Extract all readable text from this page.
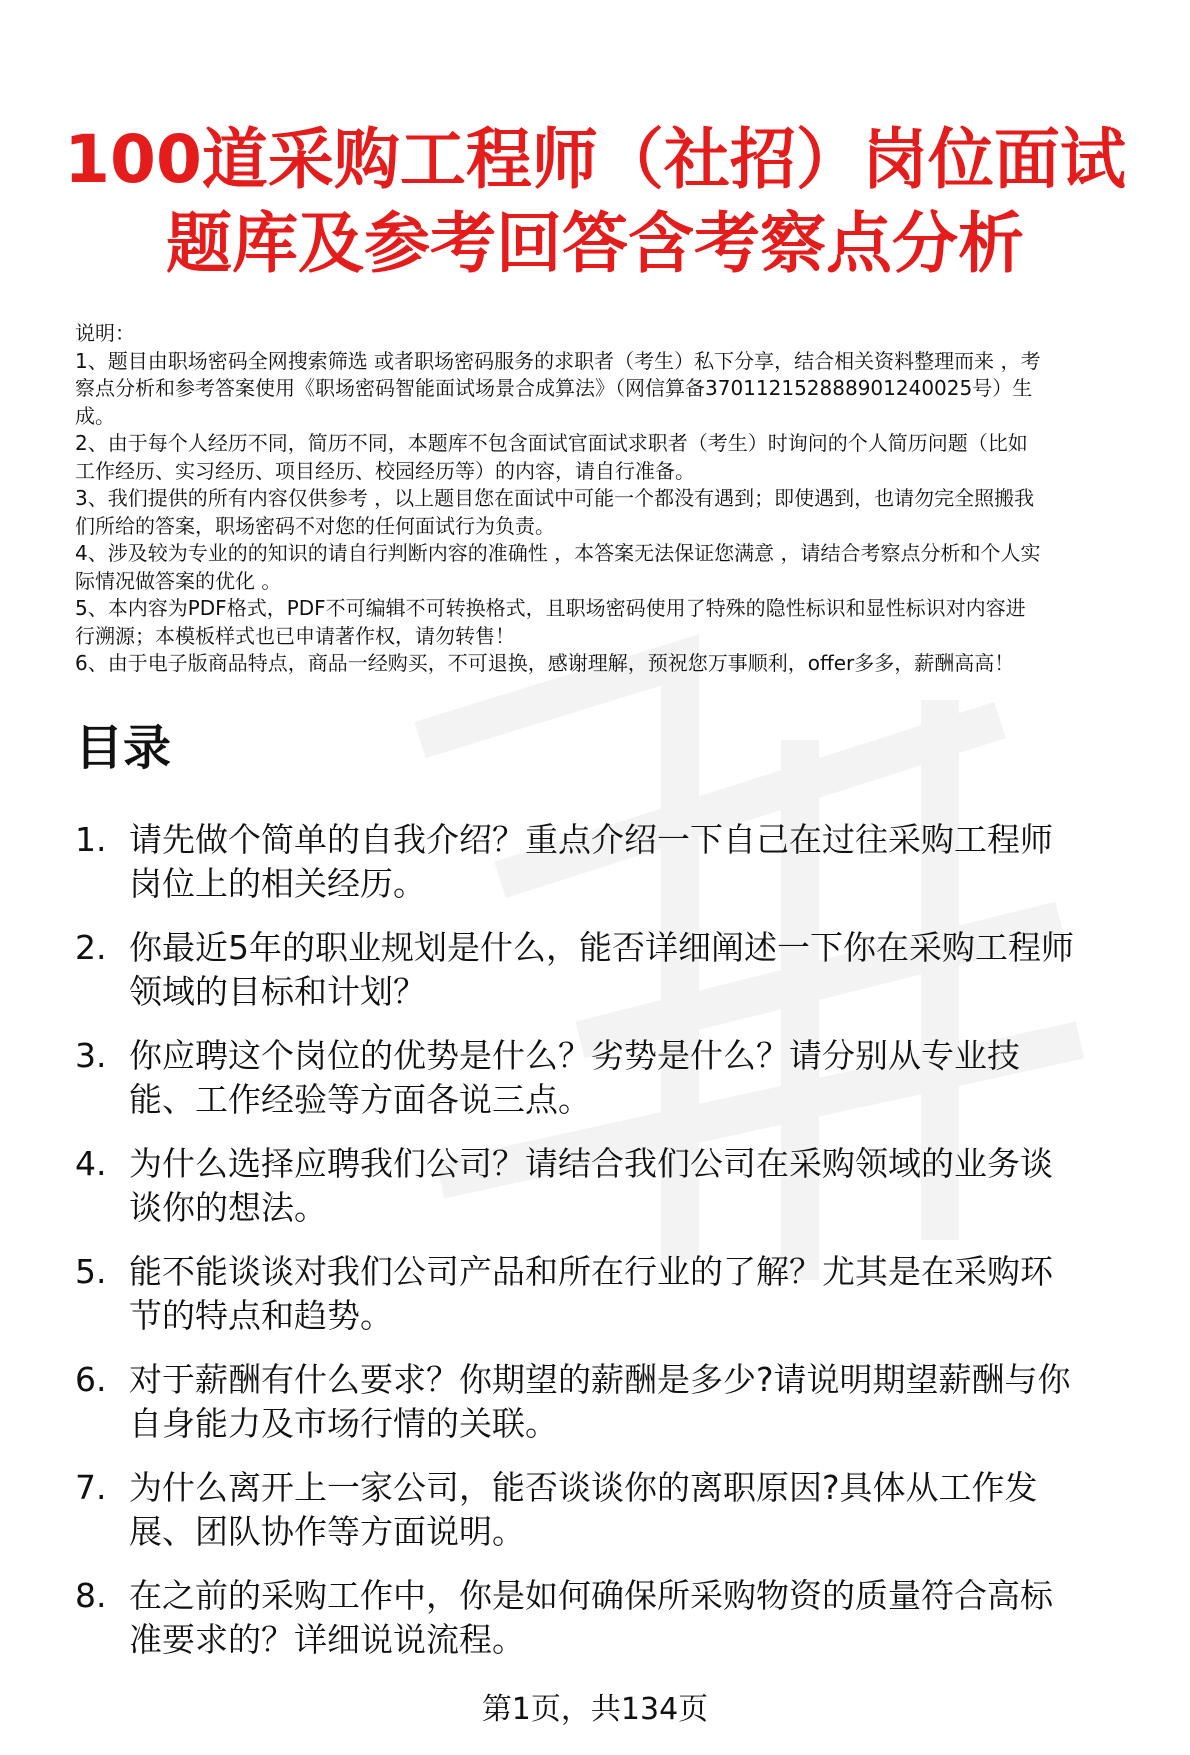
100道采购工程师（社招）岗位面试
题库及参考回答含考察点分析
说明：
1、题目由职场密码全网搜索筛选 或者职场密码服务的求职者（考生）私下分享，结合相关资料整理而来 ，考
察点分析和参考答案使用《职场密码智能面试场景合成算法》（网信算备370112152888901240025号）生
成。
2、由于每个人经历不同，简历不同，本题库不包含面试官面试求职者（考生）时询问的个人简历问题（比如
工作经历、实习经历、项目经历、校园经历等）的内容，请自行准备。
3、我们提供的所有内容仅供参考 ，以上题目您在面试中可能一个都没有遇到；即使遇到，也请勿完全照搬我
们所给的答案，职场密码不对您的任何面试行为负责。
4、涉及较为专业的的知识的请自行判断内容的准确性 ，本答案无法保证您满意 ，请结合考察点分析和个人实
际情况做答案的优化 。
5、本内容为PDF格式，PDF不可编辑不可转换格式，且职场密码使用了特殊的隐性标识和显性标识对内容进
行溯源；本模板样式也已申请著作权，请勿转售！
6、由于电子版商品特点，商品一经购买，不可退换，感谢理解，预祝您万事顺利，offer多多，薪酬高高！
目录
1. 请先做个简单的自我介绍？重点介绍一下自己在过往采购工程师
岗位上的相关经历。
2. 你最近5年的职业规划是什么，能否详细阐述一下你在采购工程师
领域的目标和计划？
3. 你应聘这个岗位的优势是什么？劣势是什么？请分别从专业技
能、工作经验等方面各说三点。
4. 为什么选择应聘我们公司？请结合我们公司在采购领域的业务谈
谈你的想法。
5. 能不能谈谈对我们公司产品和所在行业的了解？尤其是在采购环
节的特点和趋势。
6. 对于薪酬有什么要求？你期望的薪酬是多少?请说明期望薪酬与你
自身能力及市场行情的关联。
7. 为什么离开上一家公司，能否谈谈你的离职原因?具体从工作发
展、团队协作等方面说明。
8. 在之前的采购工作中，你是如何确保所采购物资的质量符合高标
准要求的？详细说说流程。
第1页，共134页
